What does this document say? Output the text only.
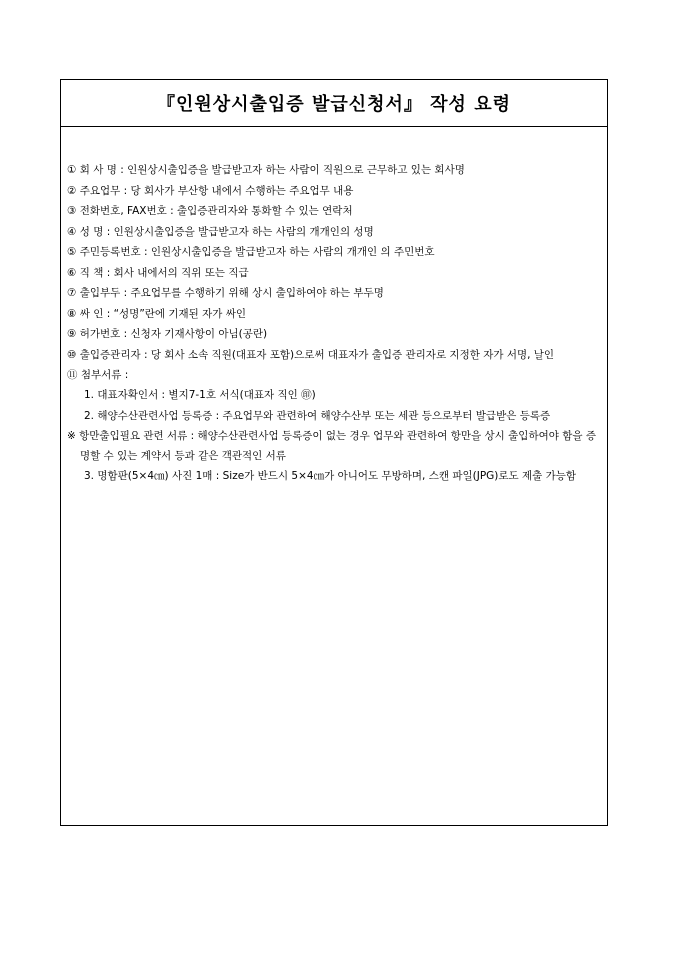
『인원상시출입증 발급신청서』 작성 요령
① 회 사 명 : 인원상시출입증을 발급받고자 하는 사람이 직원으로 근무하고 있는 회사명
② 주요업무 : 당 회사가 부산항 내에서 수행하는 주요업무 내용
③ 전화번호, FAX번호 : 출입증관리자와 통화할 수 있는 연락처
④ 성 명 : 인원상시출입증을 발급받고자 하는 사람의 개개인의 성명
⑤ 주민등록번호 : 인원상시출입증을 발급받고자 하는 사람의 개개인 의 주민번호
⑥ 직 책 : 회사 내에서의 직위 또는 직급
⑦ 출입부두 : 주요업무를 수행하기 위해 상시 출입하여야 하는 부두명
⑧ 싸 인 : “성명”란에 기재된 자가 싸인
⑨ 허가번호 : 신청자 기재사항이 아님(공란)
⑩ 출입증관리자 : 당 회사 소속 직원(대표자 포함)으로써 대표자가 출입증 관리자로 지정한 자가 서명, 날인
⑪ 첨부서류 :
1. 대표자확인서 : 별지7-1호 서식(대표자 직인 ㊞)
2. 해양수산관련사업 등록증 : 주요업무와 관련하여 해양수산부 또는 세관 등으로부터 발급받은 등록증
※ 항만출입필요 관련 서류 : 해양수산관련사업 등록증이 없는 경우 업무와 관련하여 항만을 상시 출입하여야 함을 증명할 수 있는 계약서 등과 같은 객관적인 서류
3. 명함판(5×4㎝) 사진 1매 : Size가 반드시 5×4㎝가 아니어도 무방하며, 스캔 파일(JPG)로도 제출 가능함
